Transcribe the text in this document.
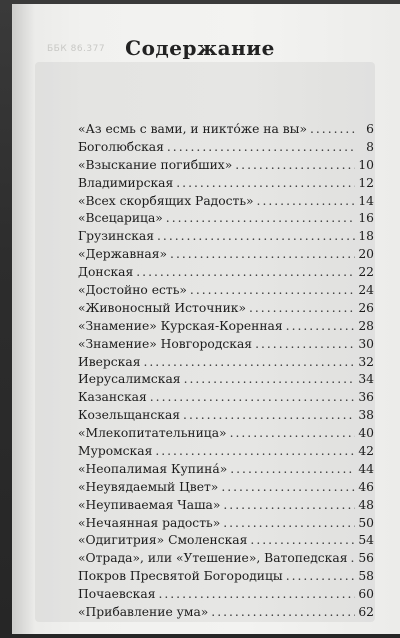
ББК 86.377	Содержание
«Аз есмь с вами, и никто́же на вы» .....	6
Боголюбская .....	8
«Взыскание погибших» .....	10
Владимирская .....	12
«Всех скорбящих Радость» .....	14
«Всецарица» .....	16
Грузинская .....	18
«Державная» .....	20
Донская .....	22
«Достойно есть» .....	24
«Живоносный Источник» .....	26
«Знамение» Курская-Коренная .....	28
«Знамение» Новгородская .....	30
Иверская .....	32
Иерусалимская .....	34
Казанская .....	36
Козельщанская .....	38
«Млекопитательница» .....	40
Муромская .....	42
«Неопалимая Купина́» .....	44
«Неувядаемый Цвет» .....	46
«Неупиваемая Чаша» .....	48
«Нечаянная радость» .....	50
«Одигитрия» Смоленская .....	54
«Отрада», или «Утешение», Ватопедская ..... 56
Покров Пресвятой Богородицы .....	58
Почаевская .....	60
«Прибавление ума» .....	62
